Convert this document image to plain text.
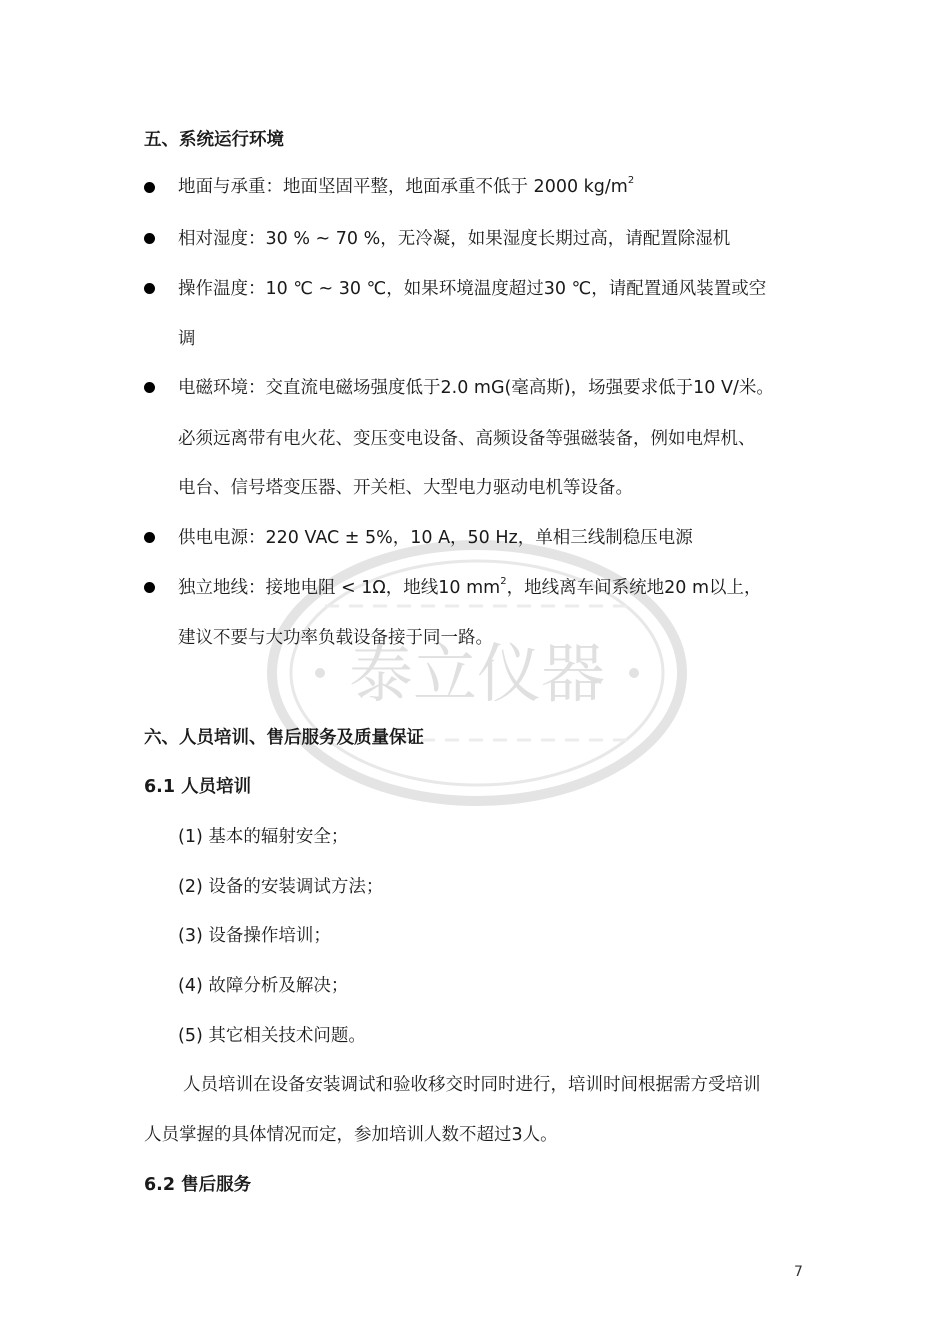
泰立仪器
五、系统运行环境
地面与承重：地面坚固平整，地面承重不低于 2000 $kg/m^2$
相对湿度：30 % ~ 70 %，无冷凝，如果湿度长期过高，请配置除湿机
操作温度：10 ℃ ~ 30 ℃，如果环境温度超过30 ℃，请配置通风装置或空
调
电磁环境：交直流电磁场强度低于2.0 mG(毫高斯)，场强要求低于10 V/米。
必须远离带有电火花、变压变电设备、高频设备等强磁装备，例如电焊机、
电台、信号塔变压器、开关柜、大型电力驱动电机等设备。
供电电源：220 VAC ± 5%，10 A，50 Hz，单相三线制稳压电源
独立地线：接地电阻 < 1Ω，地线10 $mm^2$，地线离车间系统地20 m以上，
建议不要与大功率负载设备接于同一路。
六、人员培训、售后服务及质量保证
6.1 人员培训
(1) 基本的辐射安全；
(2) 设备的安装调试方法；
(3) 设备操作培训；
(4) 故障分析及解决；
(5) 其它相关技术问题。
人员培训在设备安装调试和验收移交时同时进行，培训时间根据需方受培训
人员掌握的具体情况而定，参加培训人数不超过3人。
6.2 售后服务
7
